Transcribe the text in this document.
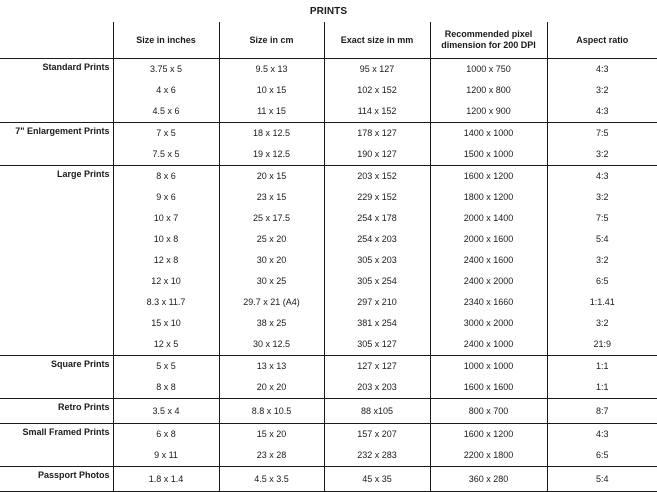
PRINTS
	Size in inches	Size in cm	Exact size in mm	Recommended pixel dimension for 200 DPI	Aspect ratio
Standard Prints	3.75 x 5	9.5 x 13	95 x 127	1000 x 750	4:3
	4 x 6	10 x 15	102 x 152	1200 x 800	3:2
	4.5 x 6	11 x 15	114 x 152	1200 x 900	4:3
7" Enlargement Prints	7 x 5	18 x 12.5	178 x 127	1400 x 1000	7:5
	7.5 x 5	19 x 12.5	190 x 127	1500 x 1000	3:2
Large Prints	8 x 6	20 x 15	203 x 152	1600 x 1200	4:3
	9 x 6	23 x 15	229 x 152	1800 x 1200	3:2
	10 x 7	25 x 17.5	254 x 178	2000 x 1400	7:5
	10 x 8	25 x 20	254 x 203	2000 x 1600	5:4
	12 x 8	30 x 20	305 x 203	2400 x 1600	3:2
	12 x 10	30 x 25	305 x 254	2400 x 2000	6:5
	8.3 x 11.7	29.7 x 21 (A4)	297 x 210	2340 x 1660	1:1.41
	15 x 10	38 x 25	381 x 254	3000 x 2000	3:2
	12 x 5	30 x 12.5	305 x 127	2400 x 1000	21:9
Square Prints	5 x 5	13 x 13	127 x 127	1000 x 1000	1:1
	8 x 8	20 x 20	203 x 203	1600 x 1600	1:1
Retro Prints	3.5 x 4	8.8 x 10.5	88 x105	800 x 700	8:7
Small Framed Prints	6 x 8	15 x 20	157 x 207	1600 x 1200	4:3
	9 x 11	23 x 28	232 x 283	2200 x 1800	6:5
Passport Photos	1.8 x 1.4	4.5 x 3.5	45 x 35	360 x 280	5:4
